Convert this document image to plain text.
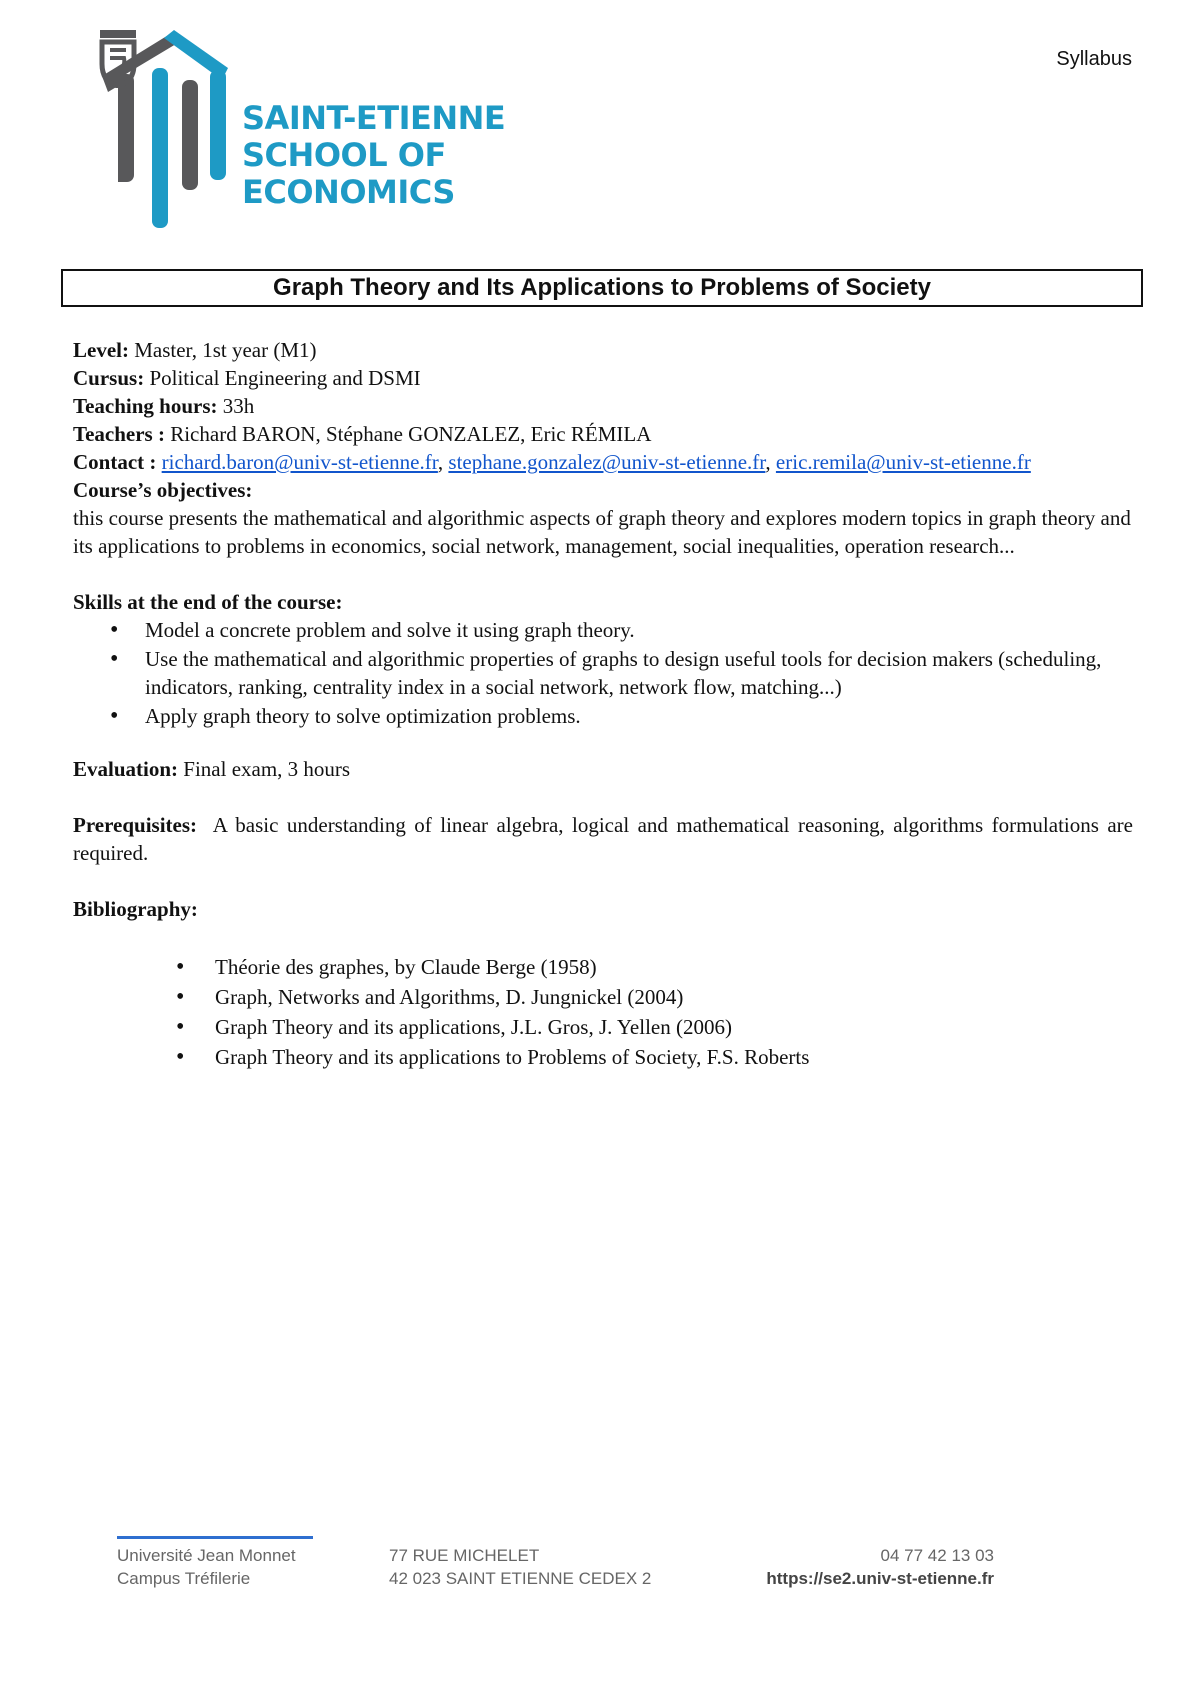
SAINT-ETIENNE
SCHOOL OF
ECONOMICS
Syllabus
Graph Theory and Its Applications to Problems of Society
Level: Master, 1st year (M1)
Cursus: Political Engineering and DSMI
Teaching hours: 33h
Teachers : Richard BARON, Stéphane GONZALEZ, Eric RÉMILA
Contact : richard.baron@univ-st-etienne.fr, stephane.gonzalez@univ-st-etienne.fr, eric.remila@univ-st-etienne.fr
Course’s objectives:
this course presents the mathematical and algorithmic aspects of graph theory and explores modern topics in graph theory and its applications to problems in economics, social network, management, social inequalities, operation research...
Skills at the end of the course:
• Model a concrete problem and solve it using graph theory.
• Use the mathematical and algorithmic properties of graphs to design useful tools for decision makers (scheduling, indicators, ranking, centrality index in a social network, network flow, matching...)
• Apply graph theory to solve optimization problems.
Evaluation: Final exam, 3 hours
Prerequisites: A basic understanding of linear algebra, logical and mathematical reasoning, algorithms formulations are required.
Bibliography:
• Théorie des graphes, by Claude Berge (1958)
• Graph, Networks and Algorithms, D. Jungnickel (2004)
• Graph Theory and its applications, J.L. Gros, J. Yellen (2006)
• Graph Theory and its applications to Problems of Society, F.S. Roberts
Université Jean Monnet
Campus Tréfilerie
77 RUE MICHELET
42 023 SAINT ETIENNE CEDEX 2
04 77 42 13 03
https://se2.univ-st-etienne.fr
